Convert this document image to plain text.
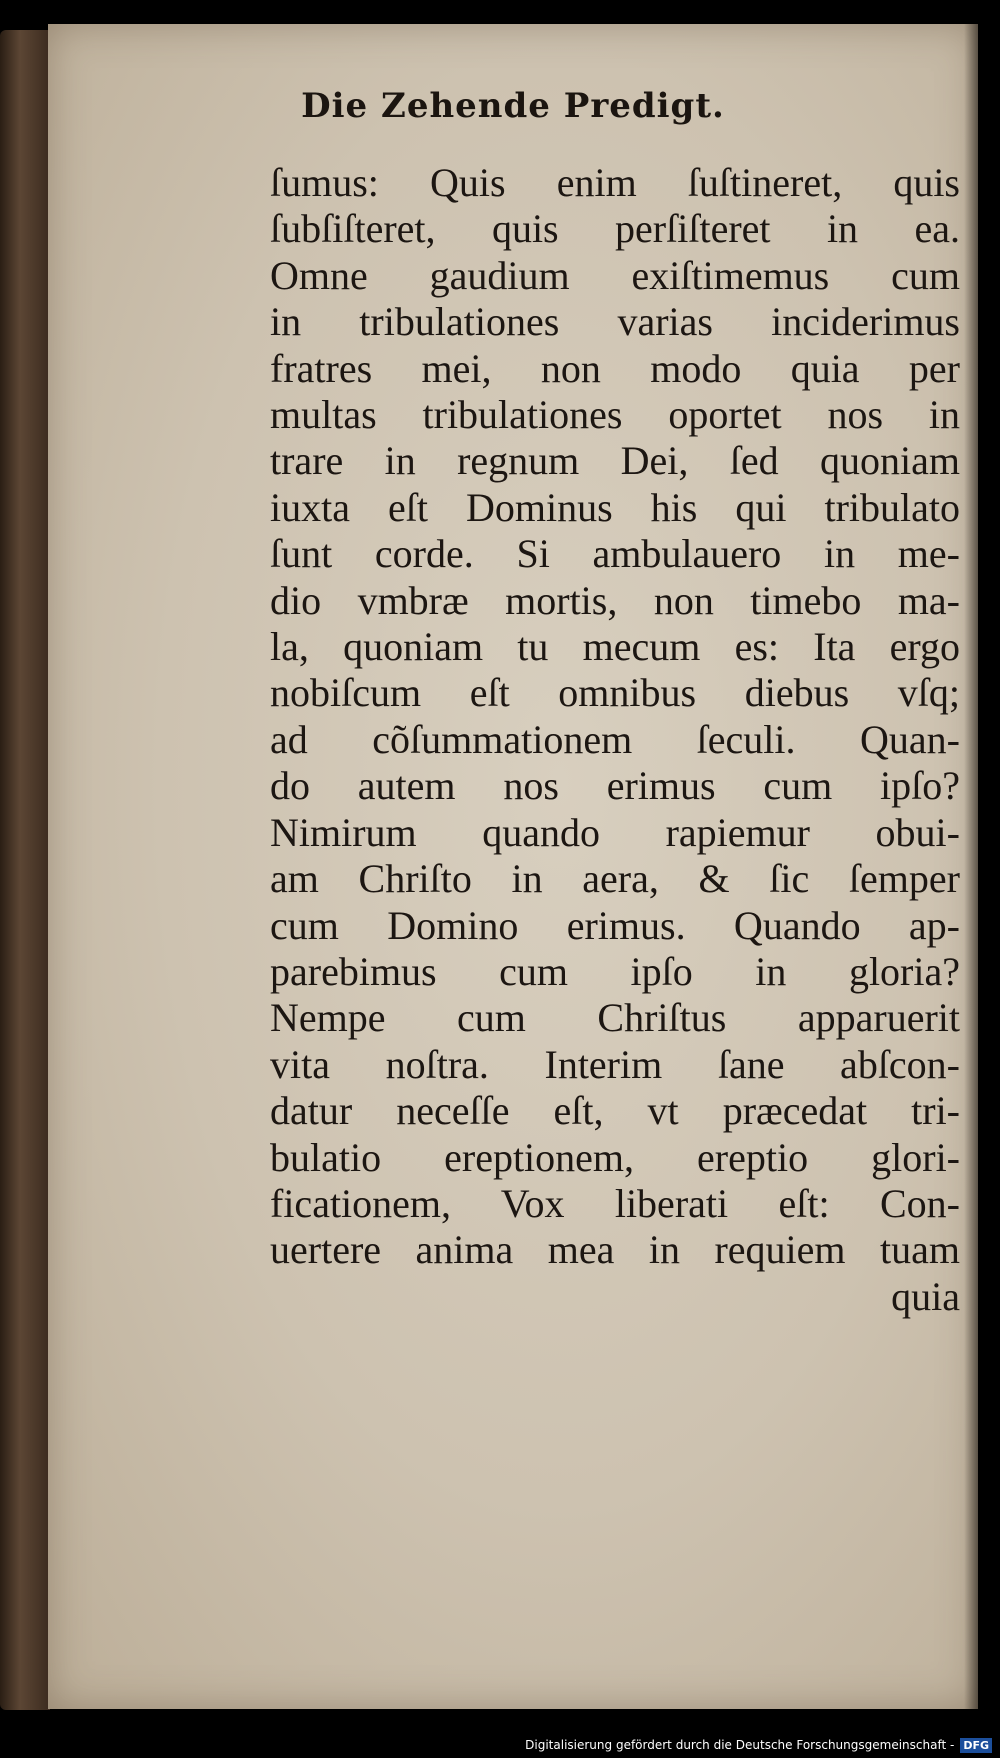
Die Zehende Predigt.
ſumus: Quis enim ſuſtineret, quis
ſubſiſteret, quis perſiſteret in ea.
Omne gaudium exiſtimemus cum
in tribulationes varias inciderimus
fratres mei, non modo quia per
multas tribulationes oportet nos in
trare in regnum Dei, ſed quoniam
iuxta eſt Dominus his qui tribulato
ſunt corde. Si ambulauero in me-
dio vmbræ mortis, non timebo ma-
la, quoniam tu mecum es: Ita ergo
nobiſcum eſt omnibus diebus vſq;
ad cõſummationem ſeculi. Quan-
do autem nos erimus cum ipſo?
Nimirum quando rapiemur obui-
am Chriſto in aera, & ſic ſemper
cum Domino erimus. Quando ap-
parebimus cum ipſo in gloria?
Nempe cum Chriſtus apparuerit
vita noſtra. Interim ſane abſcon-
datur neceſſe eſt, vt præcedat tri-
bulatio ereptionem, ereptio glori-
ficationem, Vox liberati eſt: Con-
uertere anima mea in requiem tuam
quia
Digitalisierung gefördert durch die Deutsche Forschungsgemeinschaft - DFG
